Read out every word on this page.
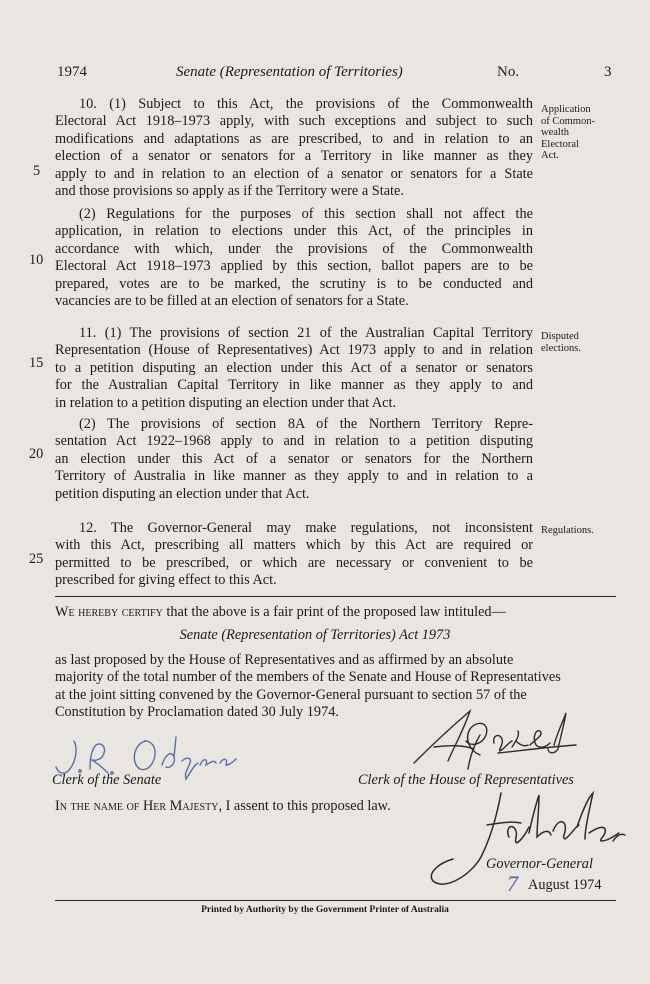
1974	Senate (Representation of Territories)	No.	3
5
10
15
20
25
10. (1) Subject to this Act, the provisions of the Commonwealth
Electoral Act 1918–1973 apply, with such exceptions and subject to such
modifications and adaptations as are prescribed, to and in relation to an
election of a senator or senators for a Territory in like manner as they
apply to and in relation to an election of a senator or senators for a State
and those provisions so apply as if the Territory were a State.
(2) Regulations for the purposes of this section shall not affect the
application, in relation to elections under this Act, of the principles in
accordance with which, under the provisions of the Commonwealth
Electoral Act 1918–1973 applied by this section, ballot papers are to be
prepared, votes are to be marked, the scrutiny is to be conducted and
vacancies are to be filled at an election of senators for a State.
11. (1) The provisions of section 21 of the Australian Capital Territory
Representation (House of Representatives) Act 1973 apply to and in relation
to a petition disputing an election under this Act of a senator or senators
for the Australian Capital Territory in like manner as they apply to and
in relation to a petition disputing an election under that Act.
(2) The provisions of section 8A of the Northern Territory Repre-
sentation Act 1922–1968 apply to and in relation to a petition disputing
an election under this Act of a senator or senators for the Northern
Territory of Australia in like manner as they apply to and in relation to a
petition disputing an election under that Act.
12. The Governor-General may make regulations, not inconsistent
with this Act, prescribing all matters which by this Act are required or
permitted to be prescribed, or which are necessary or convenient to be
prescribed for giving effect to this Act.
Application
of Common-
wealth
Electoral
Act.
Disputed
elections.
Regulations.
We hereby certify that the above is a fair print of the proposed law intituled—
Senate (Representation of Territories) Act 1973
as last proposed by the House of Representatives and as affirmed by an absolute
majority of the total number of the members of the Senate and House of Representatives
at the joint sitting convened by the Governor-General pursuant to section 57 of the
Constitution by Proclamation dated 30 July 1974.
Clerk of the Senate	Clerk of the House of Representatives
In the name of Her Majesty, I assent to this proposed law.
Governor-General
7 August 1974
Printed by Authority by the Government Printer of Australia
